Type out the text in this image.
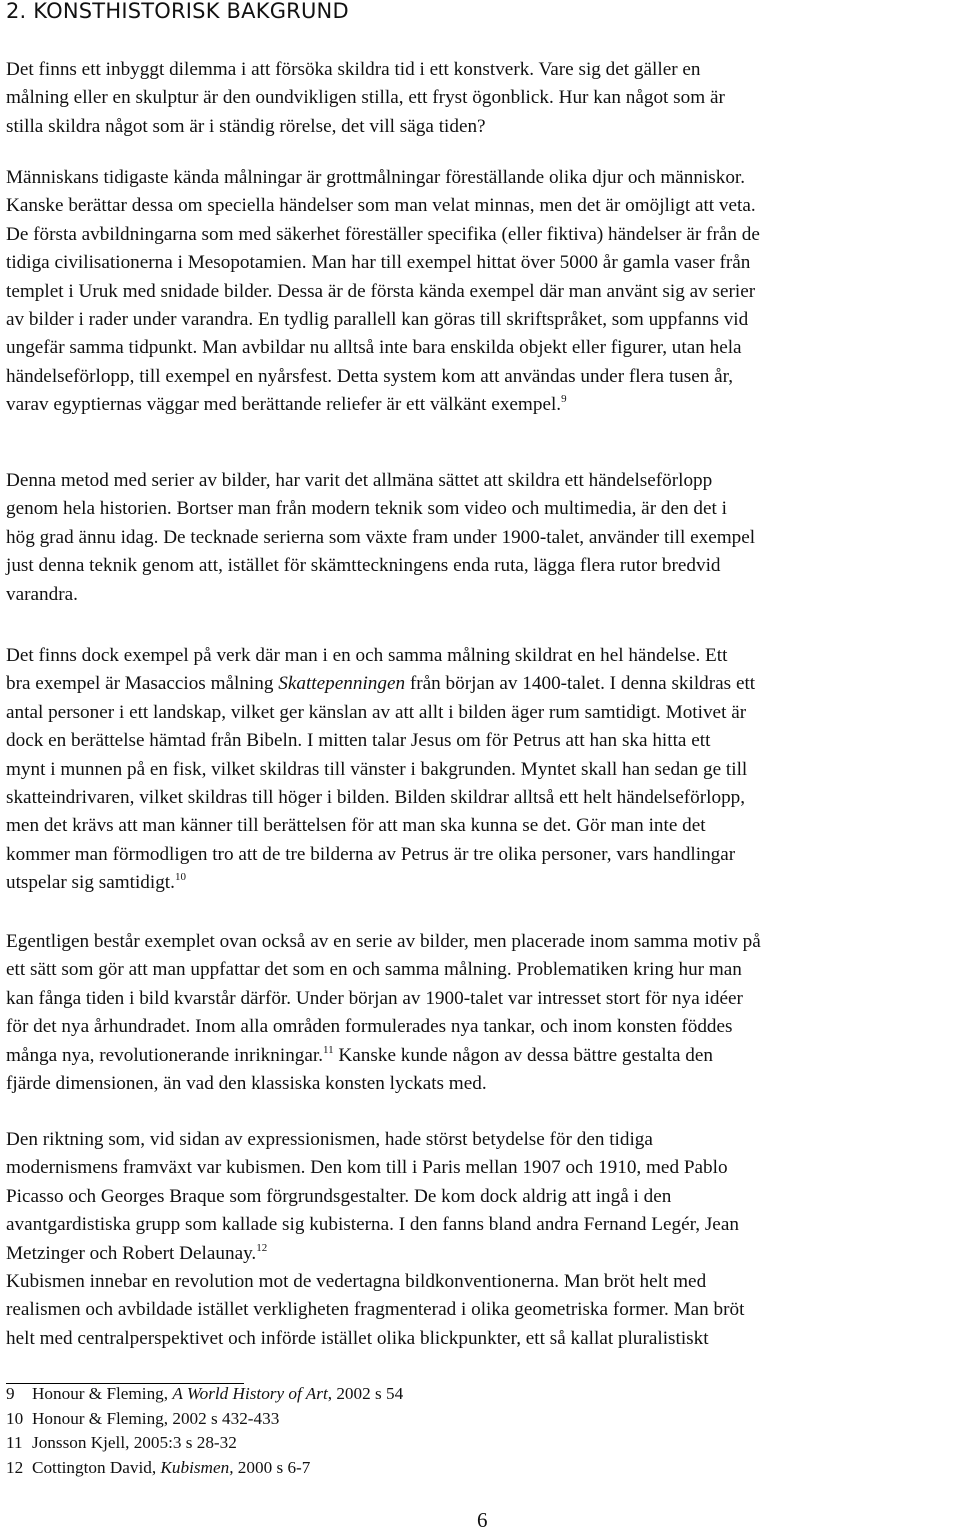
2. KONSTHISTORISK BAKGRUND
Det finns ett inbyggt dilemma i att försöka skildra tid i ett konstverk. Vare sig det gäller en
målning eller en skulptur är den oundvikligen stilla, ett fryst ögonblick. Hur kan något som är
stilla skildra något som är i ständig rörelse, det vill säga tiden?
Människans tidigaste kända målningar är grottmålningar föreställande olika djur och människor.
Kanske berättar dessa om speciella händelser som man velat minnas, men det är omöjligt att veta.
De första avbildningarna som med säkerhet föreställer specifika (eller fiktiva) händelser är från de
tidiga civilisationerna i Mesopotamien. Man har till exempel hittat över 5000 år gamla vaser från
templet i Uruk med snidade bilder. Dessa är de första kända exempel där man använt sig av serier
av bilder i rader under varandra. En tydlig parallell kan göras till skriftspråket, som uppfanns vid
ungefär samma tidpunkt. Man avbildar nu alltså inte bara enskilda objekt eller figurer, utan hela
händelseförlopp, till exempel en nyårsfest. Detta system kom att användas under flera tusen år,
varav egyptiernas väggar med berättande reliefer är ett välkänt exempel.$^9$
Denna metod med serier av bilder, har varit det allmäna sättet att skildra ett händelseförlopp
genom hela historien. Bortser man från modern teknik som video och multimedia, är den det i
hög grad ännu idag. De tecknade serierna som växte fram under 1900-talet, använder till exempel
just denna teknik genom att, istället för skämtteckningens enda ruta, lägga flera rutor bredvid
varandra.
Det finns dock exempel på verk där man i en och samma målning skildrat en hel händelse. Ett
bra exempel är Masaccios målning Skattepenningen från början av 1400-talet. I denna skildras ett
antal personer i ett landskap, vilket ger känslan av att allt i bilden äger rum samtidigt. Motivet är
dock en berättelse hämtad från Bibeln. I mitten talar Jesus om för Petrus att han ska hitta ett
mynt i munnen på en fisk, vilket skildras till vänster i bakgrunden. Myntet skall han sedan ge till
skatteindrivaren, vilket skildras till höger i bilden. Bilden skildrar alltså ett helt händelseförlopp,
men det krävs att man känner till berättelsen för att man ska kunna se det. Gör man inte det
kommer man förmodligen tro att de tre bilderna av Petrus är tre olika personer, vars handlingar
utspelar sig samtidigt.$^{10}$
Egentligen består exemplet ovan också av en serie av bilder, men placerade inom samma motiv på
ett sätt som gör att man uppfattar det som en och samma målning. Problematiken kring hur man
kan fånga tiden i bild kvarstår därför. Under början av 1900-talet var intresset stort för nya idéer
för det nya århundradet. Inom alla områden formulerades nya tankar, och inom konsten föddes
många nya, revolutionerande inrikningar.$^{11}$ Kanske kunde någon av dessa bättre gestalta den
fjärde dimensionen, än vad den klassiska konsten lyckats med.
Den riktning som, vid sidan av expressionismen, hade störst betydelse för den tidiga
modernismens framväxt var kubismen. Den kom till i Paris mellan 1907 och 1910, med Pablo
Picasso och Georges Braque som förgrundsgestalter. De kom dock aldrig att ingå i den
avantgardistiska grupp som kallade sig kubisterna. I den fanns bland andra Fernand Legér, Jean
Metzinger och Robert Delaunay.$^{12}$
Kubismen innebar en revolution mot de vedertagna bildkonventionerna. Man bröt helt med
realismen och avbildade istället verkligheten fragmenterad i olika geometriska former. Man bröt
helt med centralperspektivet och införde istället olika blickpunkter, ett så kallat pluralistiskt
9 Honour & Fleming, A World History of Art, 2002 s 54
10 Honour & Fleming, 2002 s 432-433
11 Jonsson Kjell, 2005:3 s 28-32
12 Cottington David, Kubismen, 2000 s 6-7
6
